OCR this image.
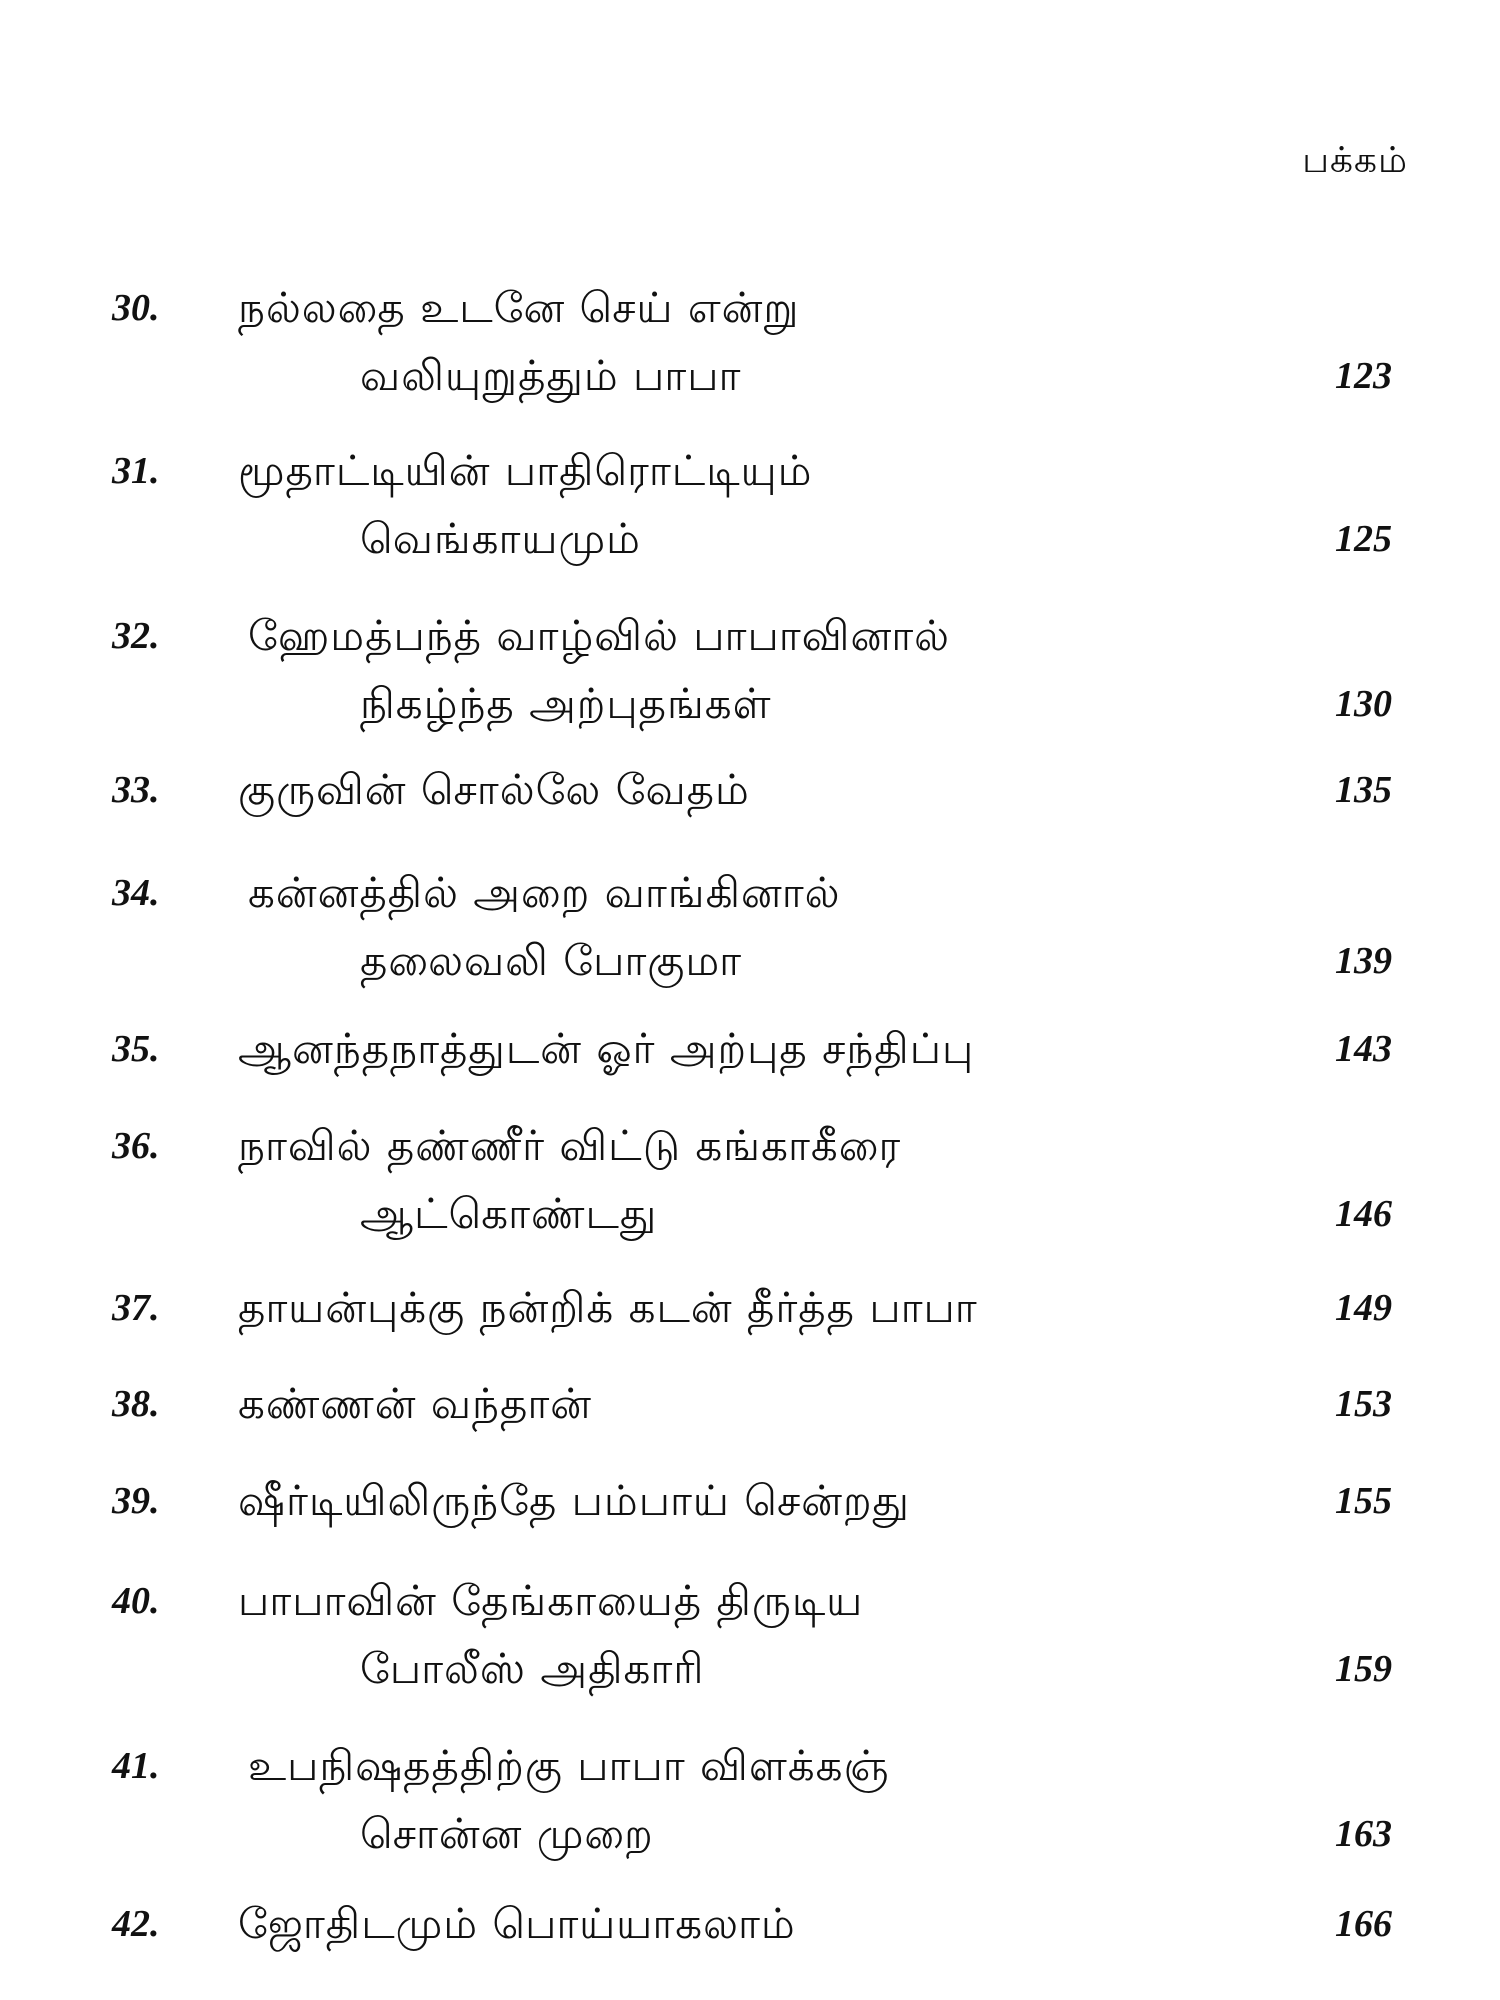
பக்கம்
30. நல்லதை உடனே செய் என்று
வலியுறுத்தும் பாபா	123
31. மூதாட்டியின் பாதிரொட்டியும்
வெங்காயமும்	125
32. ஹேமத்பந்த் வாழ்வில் பாபாவினால்
நிகழ்ந்த அற்புதங்கள்	130
33. குருவின் சொல்லே வேதம்	135
34. கன்னத்தில் அறை வாங்கினால்
தலைவலி போகுமா	139
35. ஆனந்தநாத்துடன் ஓர் அற்புத சந்திப்பு	143
36. நாவில் தண்ணீர் விட்டு கங்காகீரை
ஆட்கொண்டது	146
37. தாயன்புக்கு நன்றிக் கடன் தீர்த்த பாபா	149
38. கண்ணன் வந்தான்	153
39. ஷீர்டியிலிருந்தே பம்பாய் சென்றது	155
40. பாபாவின் தேங்காயைத் திருடிய
போலீஸ் அதிகாரி	159
41. உபநிஷதத்திற்கு பாபா விளக்கஞ்
சொன்ன முறை	163
42. ஜோதிடமும் பொய்யாகலாம்	166
